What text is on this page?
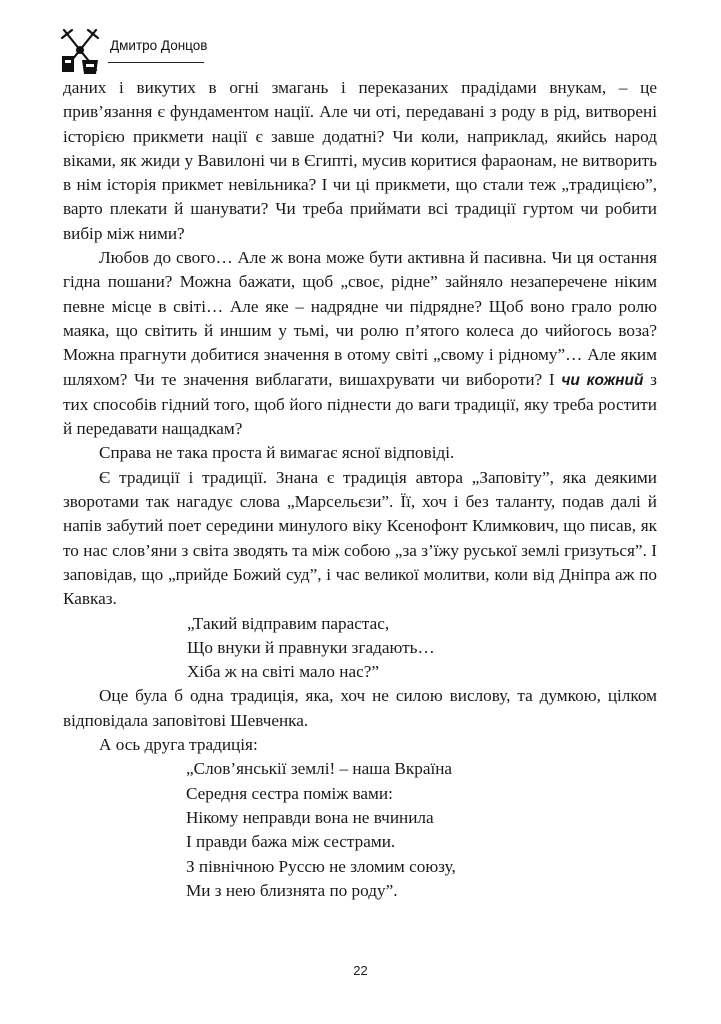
Дмитро Донцов

даних і викутих в огні змагань і переказаних прадідами внукам, – це прив’язання є фундаментом нації. Але чи оті, передавані з роду в рід, витворені історією прикмети нації є завше додатні? Чи коли, наприклад, якийсь народ віками, як жиди у Вавилоні чи в Єгипті, мусив коритися фараонам, не витворить в нім історія прикмет невільника? І чи ці прикмети, що стали теж „традицією”, варто плекати й шанувати? Чи треба приймати всі традиції гуртом чи робити вибір між ними?

Любов до свого… Але ж вона може бути активна й пасивна. Чи ця остання гідна пошани? Можна бажати, щоб „своє, рідне” зайняло незаперечене ніким певне місце в світі… Але яке – надрядне чи підрядне? Щоб воно грало ролю маяка, що світить й иншим у тьмі, чи ролю п’ятого колеса до чийогось воза? Можна прагнути добитися значення в отому світі „свому і рідному”… Але яким шляхом? Чи те значення виблагати, вишахрувати чи виборoти? І чи кожний з тих способів гідний того, щоб його піднести до ваги традиції, яку треба ростити й передавати нащадкам?

Справа не така проста й вимагає ясної відповіді.

Є традиції і традиції. Знана є традиція автора „Заповіту”, яка деякими зворотами так нагадує слова „Марсельєзи”. Її, хоч і без таланту, подав далі й напів забутий поет середини минулого віку Ксенофонт Климкович, що писав, як то нас слов’яни з світа зводять та між собою „за з’їжу руської землі гризуться”. І заповідав, що „прийде Божий суд”, і час великої молитви, коли від Дніпра аж по Кавказ.

„Такий відправим парастас,
Що внуки й правнуки згадають…
Хіба ж на світі мало нас?”

Оце була б одна традиція, яка, хоч не силою вислову, та думкою, цілком відповідала заповітові Шевченка.

А ось друга традиція:

„Слов’янськії землі! – наша Вкраїна
Середня сестра поміж вами:
Нікому неправди вона не вчинила
І правди бажа між сестрами.
З північною Руссю не зломим союзу,
Ми з нею близнята по роду”.
22
